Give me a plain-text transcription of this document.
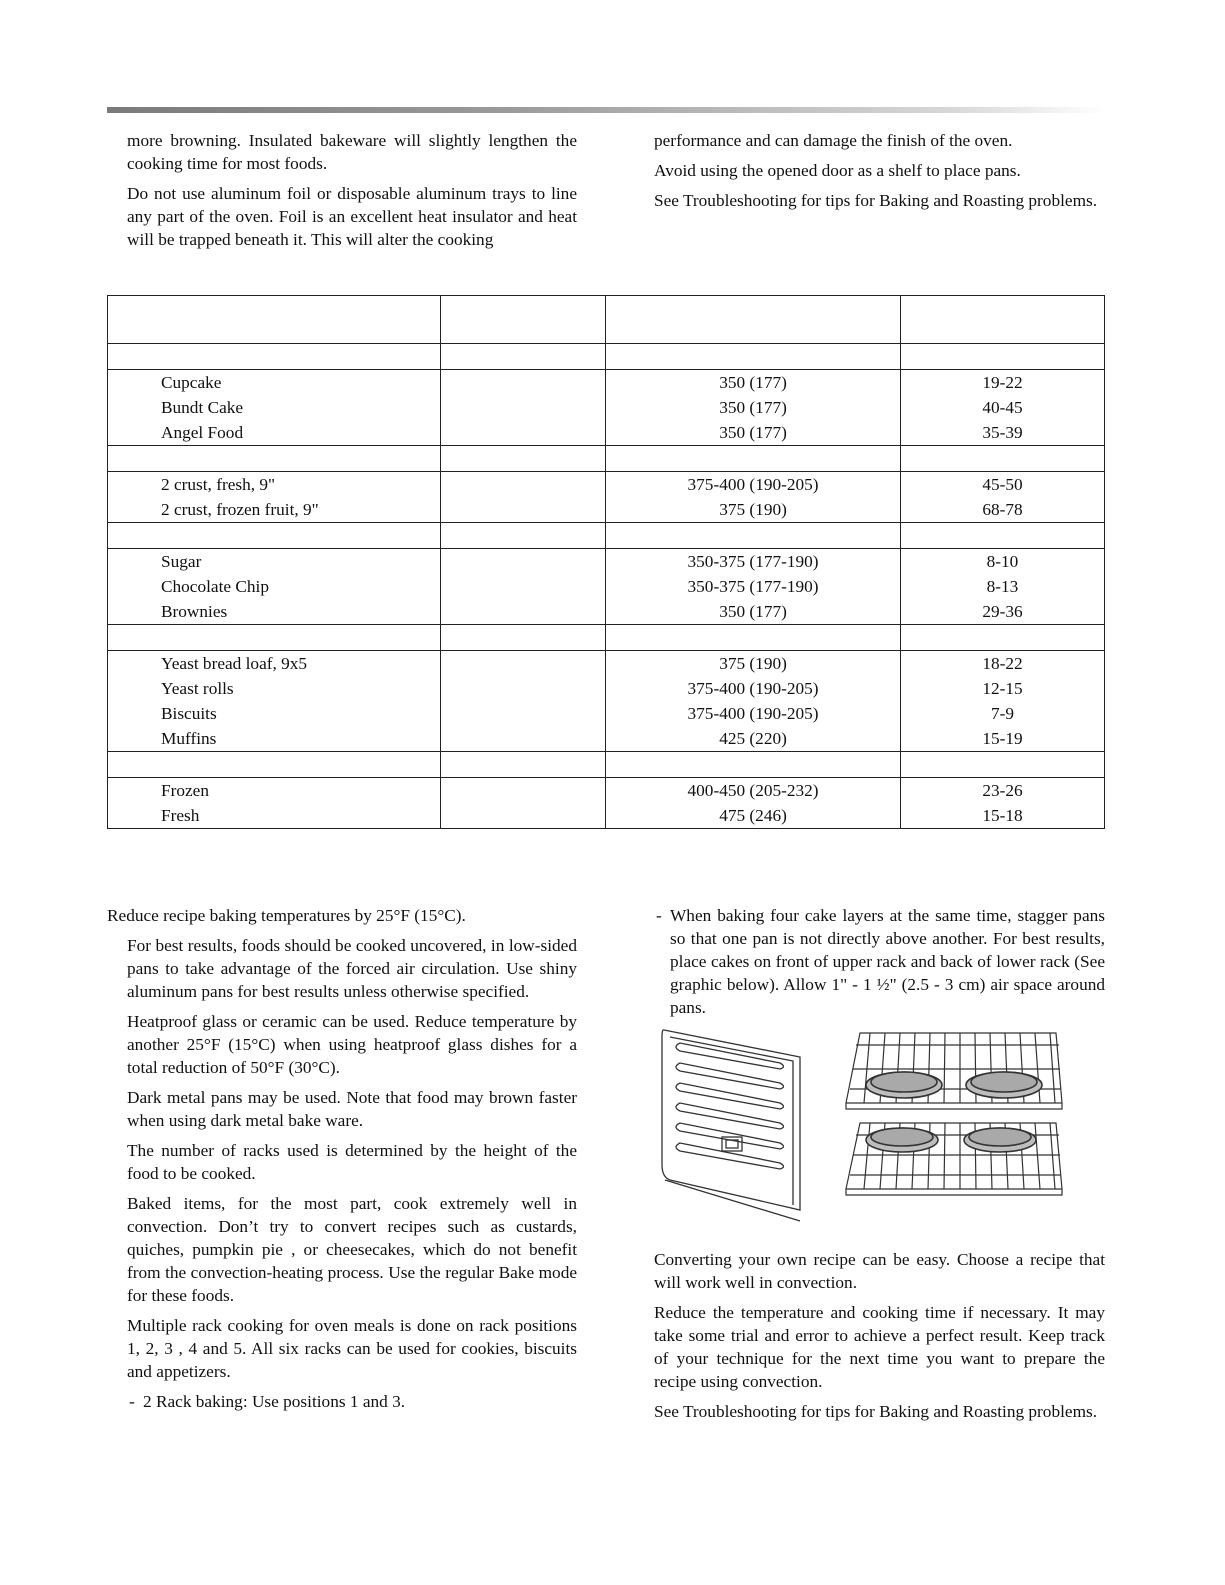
more browning. Insulated bakeware will slightly lengthen the cooking time for most foods.

Do not use aluminum foil or disposable aluminum trays to line any part of the oven. Foil is an excellent heat insulator and heat will be trapped beneath it. This will alter the cooking

performance and can damage the finish of the oven.

Avoid using the opened door as a shelf to place pans.

See Troubleshooting for tips for Baking and Roasting problems.

Cupcake		350 (177)	19-22
Bundt Cake		350 (177)	40-45
Angel Food		350 (177)	35-39

2 crust, fresh, 9"		375-400 (190-205)	45-50
2 crust, frozen fruit, 9"		375 (190)	68-78

Sugar		350-375 (177-190)	8-10
Chocolate Chip		350-375 (177-190)	8-13
Brownies		350 (177)	29-36

Yeast bread loaf, 9x5		375 (190)	18-22
Yeast rolls		375-400 (190-205)	12-15
Biscuits		375-400 (190-205)	7-9
Muffins		425 (220)	15-19

Frozen		400-450 (205-232)	23-26
Fresh		475 (246)	15-18

Reduce recipe baking temperatures by 25°F (15°C).

For best results, foods should be cooked uncovered, in low-sided pans to take advantage of the forced air circulation. Use shiny aluminum pans for best results unless otherwise specified.

Heatproof glass or ceramic can be used. Reduce temperature by another 25°F (15°C) when using heatproof glass dishes for a total reduction of 50°F (30°C).

Dark metal pans may be used. Note that food may brown faster when using dark metal bake ware.

The number of racks used is determined by the height of the food to be cooked.

Baked items, for the most part, cook extremely well in convection. Don’t try to convert recipes such as custards, quiches, pumpkin pie , or cheesecakes, which do not benefit from the convection-heating process. Use the regular Bake mode for these foods.

Multiple rack cooking for oven meals is done on rack positions 1, 2, 3 , 4 and 5. All six racks can be used for cookies, biscuits and appetizers.

- 2 Rack baking: Use positions 1 and 3.

- When baking four cake layers at the same time, stagger pans so that one pan is not directly above another. For best results, place cakes on front of upper rack and back of lower rack (See graphic below). Allow 1" - 1 ½" (2.5 - 3 cm) air space around pans.

Converting your own recipe can be easy. Choose a recipe that will work well in convection.

Reduce the temperature and cooking time if necessary. It may take some trial and error to achieve a perfect result. Keep track of your technique for the next time you want to prepare the recipe using convection.

See Troubleshooting for tips for Baking and Roasting problems.
